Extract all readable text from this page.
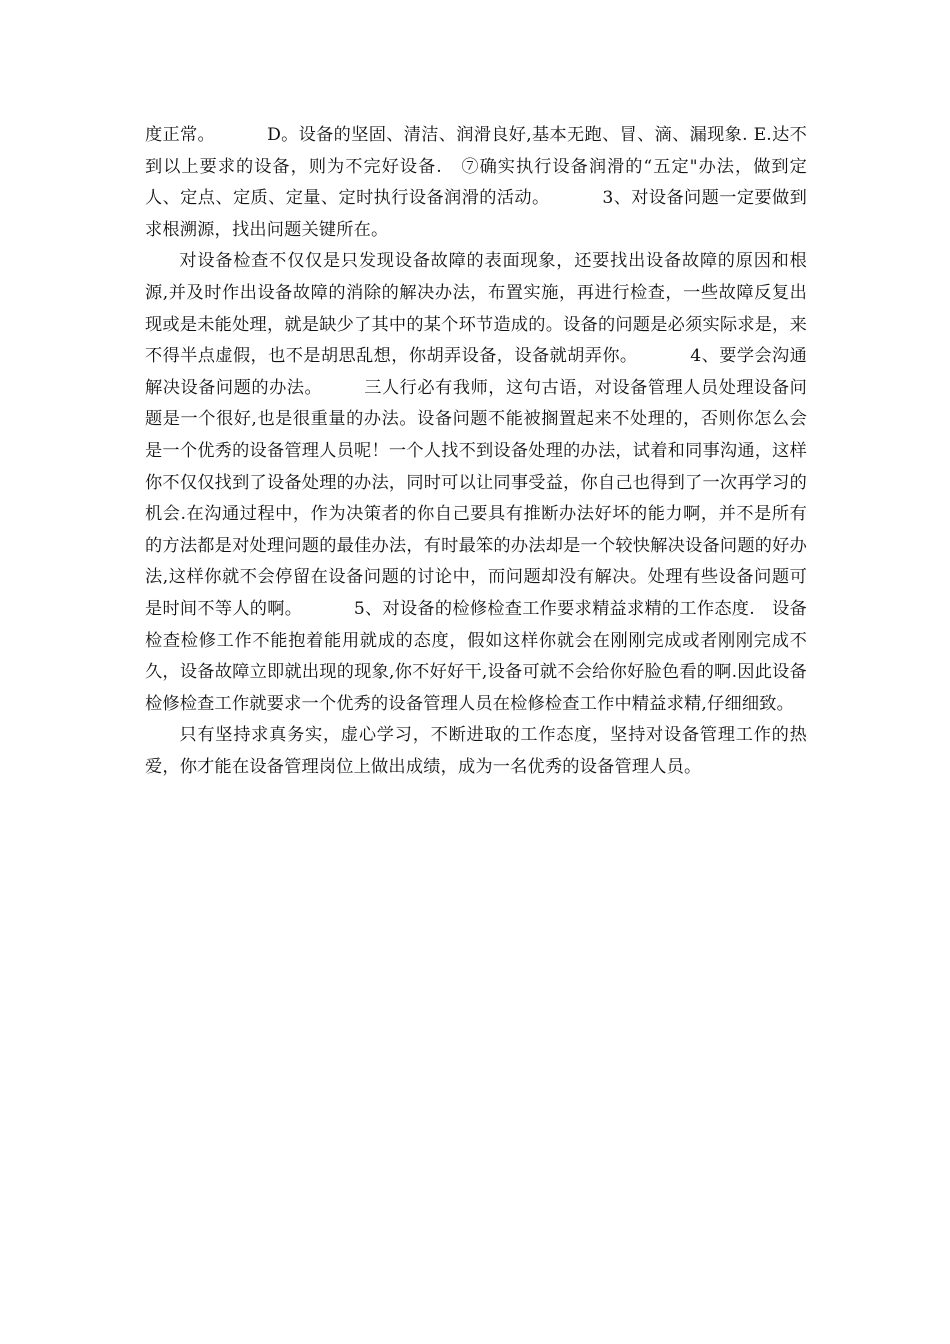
度正常。         D。设备的坚固、清洁、润滑良好,基本无跑、冒、滴、漏现象. E.达不到以上要求的设备，则为不完好设备.   ⑦确实执行设备润滑的“五定"办法，做到定人、定点、定质、定量、定时执行设备润滑的活动。         3、对设备问题一定要做到求根溯源，找出问题关键所在。

对设备检查不仅仅是只发现设备故障的表面现象，还要找出设备故障的原因和根源,并及时作出设备故障的消除的解决办法，布置实施，再进行检查，一些故障反复出现或是未能处理，就是缺少了其中的某个环节造成的。设备的问题是必须实际求是，来不得半点虚假，也不是胡思乱想，你胡弄设备，设备就胡弄你。         4、要学会沟通解决设备问题的办法。       三人行必有我师，这句古语，对设备管理人员处理设备问题是一个很好,也是很重量的办法。设备问题不能被搁置起来不处理的，否则你怎么会是一个优秀的设备管理人员呢！一个人找不到设备处理的办法，试着和同事沟通，这样你不仅仅找到了设备处理的办法，同时可以让同事受益，你自己也得到了一次再学习的机会.在沟通过程中，作为决策者的你自己要具有推断办法好坏的能力啊，并不是所有的方法都是对处理问题的最佳办法，有时最笨的办法却是一个较快解决设备问题的好办法,这样你就不会停留在设备问题的讨论中，而问题却没有解决。处理有些设备问题可是时间不等人的啊。         5、对设备的检修检查工作要求精益求精的工作态度.   设备检查检修工作不能抱着能用就成的态度，假如这样你就会在刚刚完成或者刚刚完成不久，设备故障立即就出现的现象,你不好好干,设备可就不会给你好脸色看的啊.因此设备检修检查工作就要求一个优秀的设备管理人员在检修检查工作中精益求精,仔细细致。

只有坚持求真务实，虚心学习，不断进取的工作态度，坚持对设备管理工作的热爱，你才能在设备管理岗位上做出成绩，成为一名优秀的设备管理人员。
